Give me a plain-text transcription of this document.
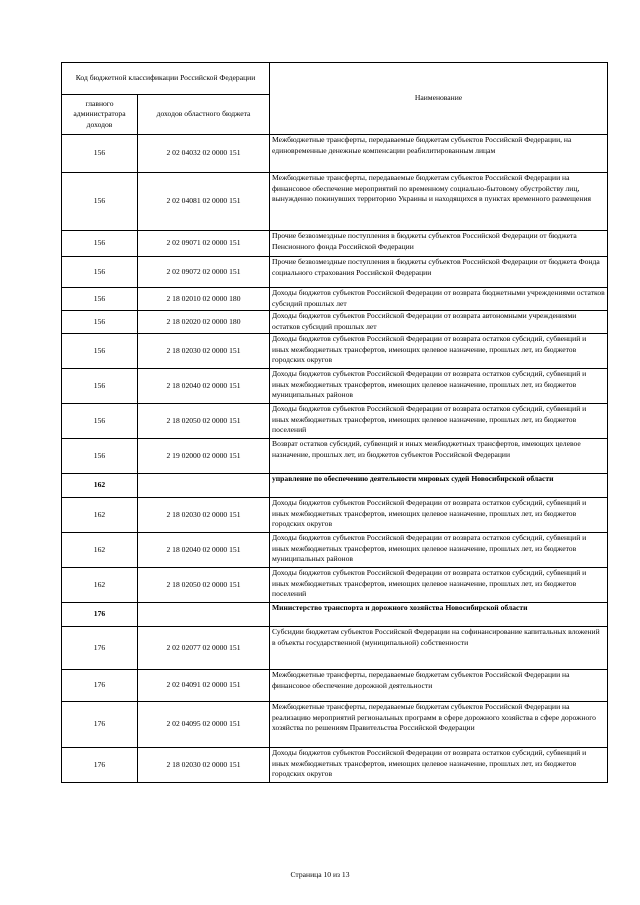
Код бюджетной классификации Российской Федерации		Наименование
главного администратора доходов	доходов областного бюджета	
156	2 02 04032 02 0000 151	Межбюджетные трансферты, передаваемые бюджетам субъектов Российской Федерации, на единовременные денежные компенсации реабилитированным лицам
156	2 02 04081 02 0000 151	Межбюджетные трансферты, передаваемые бюджетам субъектов Российской Федерации на финансовое обеспечение мероприятий по временному социально-бытовому обустройству лиц, вынужденно покинувших территорию Украины и находящихся в пунктах временного размещения
156	2 02 09071 02 0000 151	Прочие безвозмездные поступления в бюджеты субъектов Российской Федерации от бюджета Пенсионного фонда Российской Федерации
156	2 02 09072 02 0000 151	Прочие безвозмездные поступления в бюджеты субъектов Российской Федерации от бюджета Фонда социального страхования Российской Федерации
156	2 18 02010 02 0000 180	Доходы бюджетов субъектов Российской Федерации от возврата бюджетными учреждениями остатков субсидий прошлых лет
156	2 18 02020 02 0000 180	Доходы бюджетов субъектов Российской Федерации от возврата автономными учреждениями остатков субсидий прошлых лет
156	2 18 02030 02 0000 151	Доходы бюджетов субъектов Российской Федерации от возврата остатков субсидий, субвенций и иных межбюджетных трансфертов, имеющих целевое назначение, прошлых лет, из бюджетов городских округов
156	2 18 02040 02 0000 151	Доходы бюджетов субъектов Российской Федерации от возврата остатков субсидий, субвенций и иных межбюджетных трансфертов, имеющих целевое назначение, прошлых лет, из бюджетов муниципальных районов
156	2 18 02050 02 0000 151	Доходы бюджетов субъектов Российской Федерации от возврата остатков субсидий, субвенций и иных межбюджетных трансфертов, имеющих целевое назначение, прошлых лет, из бюджетов поселений
156	2 19 02000 02 0000 151	Возврат остатков субсидий, субвенций и иных межбюджетных трансфертов, имеющих целевое назначение, прошлых лет, из бюджетов субъектов Российской Федерации
162		управление по обеспечению деятельности мировых судей Новосибирской области
162	2 18 02030 02 0000 151	Доходы бюджетов субъектов Российской Федерации от возврата остатков субсидий, субвенций и иных межбюджетных трансфертов, имеющих целевое назначение, прошлых лет, из бюджетов городских округов
162	2 18 02040 02 0000 151	Доходы бюджетов субъектов Российской Федерации от возврата остатков субсидий, субвенций и иных межбюджетных трансфертов, имеющих целевое назначение, прошлых лет, из бюджетов муниципальных районов
162	2 18 02050 02 0000 151	Доходы бюджетов субъектов Российской Федерации от возврата остатков субсидий, субвенций и иных межбюджетных трансфертов, имеющих целевое назначение, прошлых лет, из бюджетов поселений
176		Министерство транспорта и дорожного хозяйства Новосибирской области
176	2 02 02077 02 0000 151	Субсидии бюджетам субъектов Российской Федерации на софинансирование капитальных вложений в объекты государственной (муниципальной) собственности
176	2 02 04091 02 0000 151	Межбюджетные трансферты, передаваемые бюджетам субъектов Российской Федерации на финансовое обеспечение дорожной деятельности
176	2 02 04095 02 0000 151	Межбюджетные трансферты, передаваемые бюджетам субъектов Российской Федерации на реализацию мероприятий региональных программ в сфере дорожного хозяйства в сфере дорожного хозяйства по решениям Правительства Российской Федерации
176	2 18 02030 02 0000 151	Доходы бюджетов субъектов Российской Федерации от возврата остатков субсидий, субвенций и иных межбюджетных трансфертов, имеющих целевое назначение, прошлых лет, из бюджетов городских округов
Страница 10 из 13
